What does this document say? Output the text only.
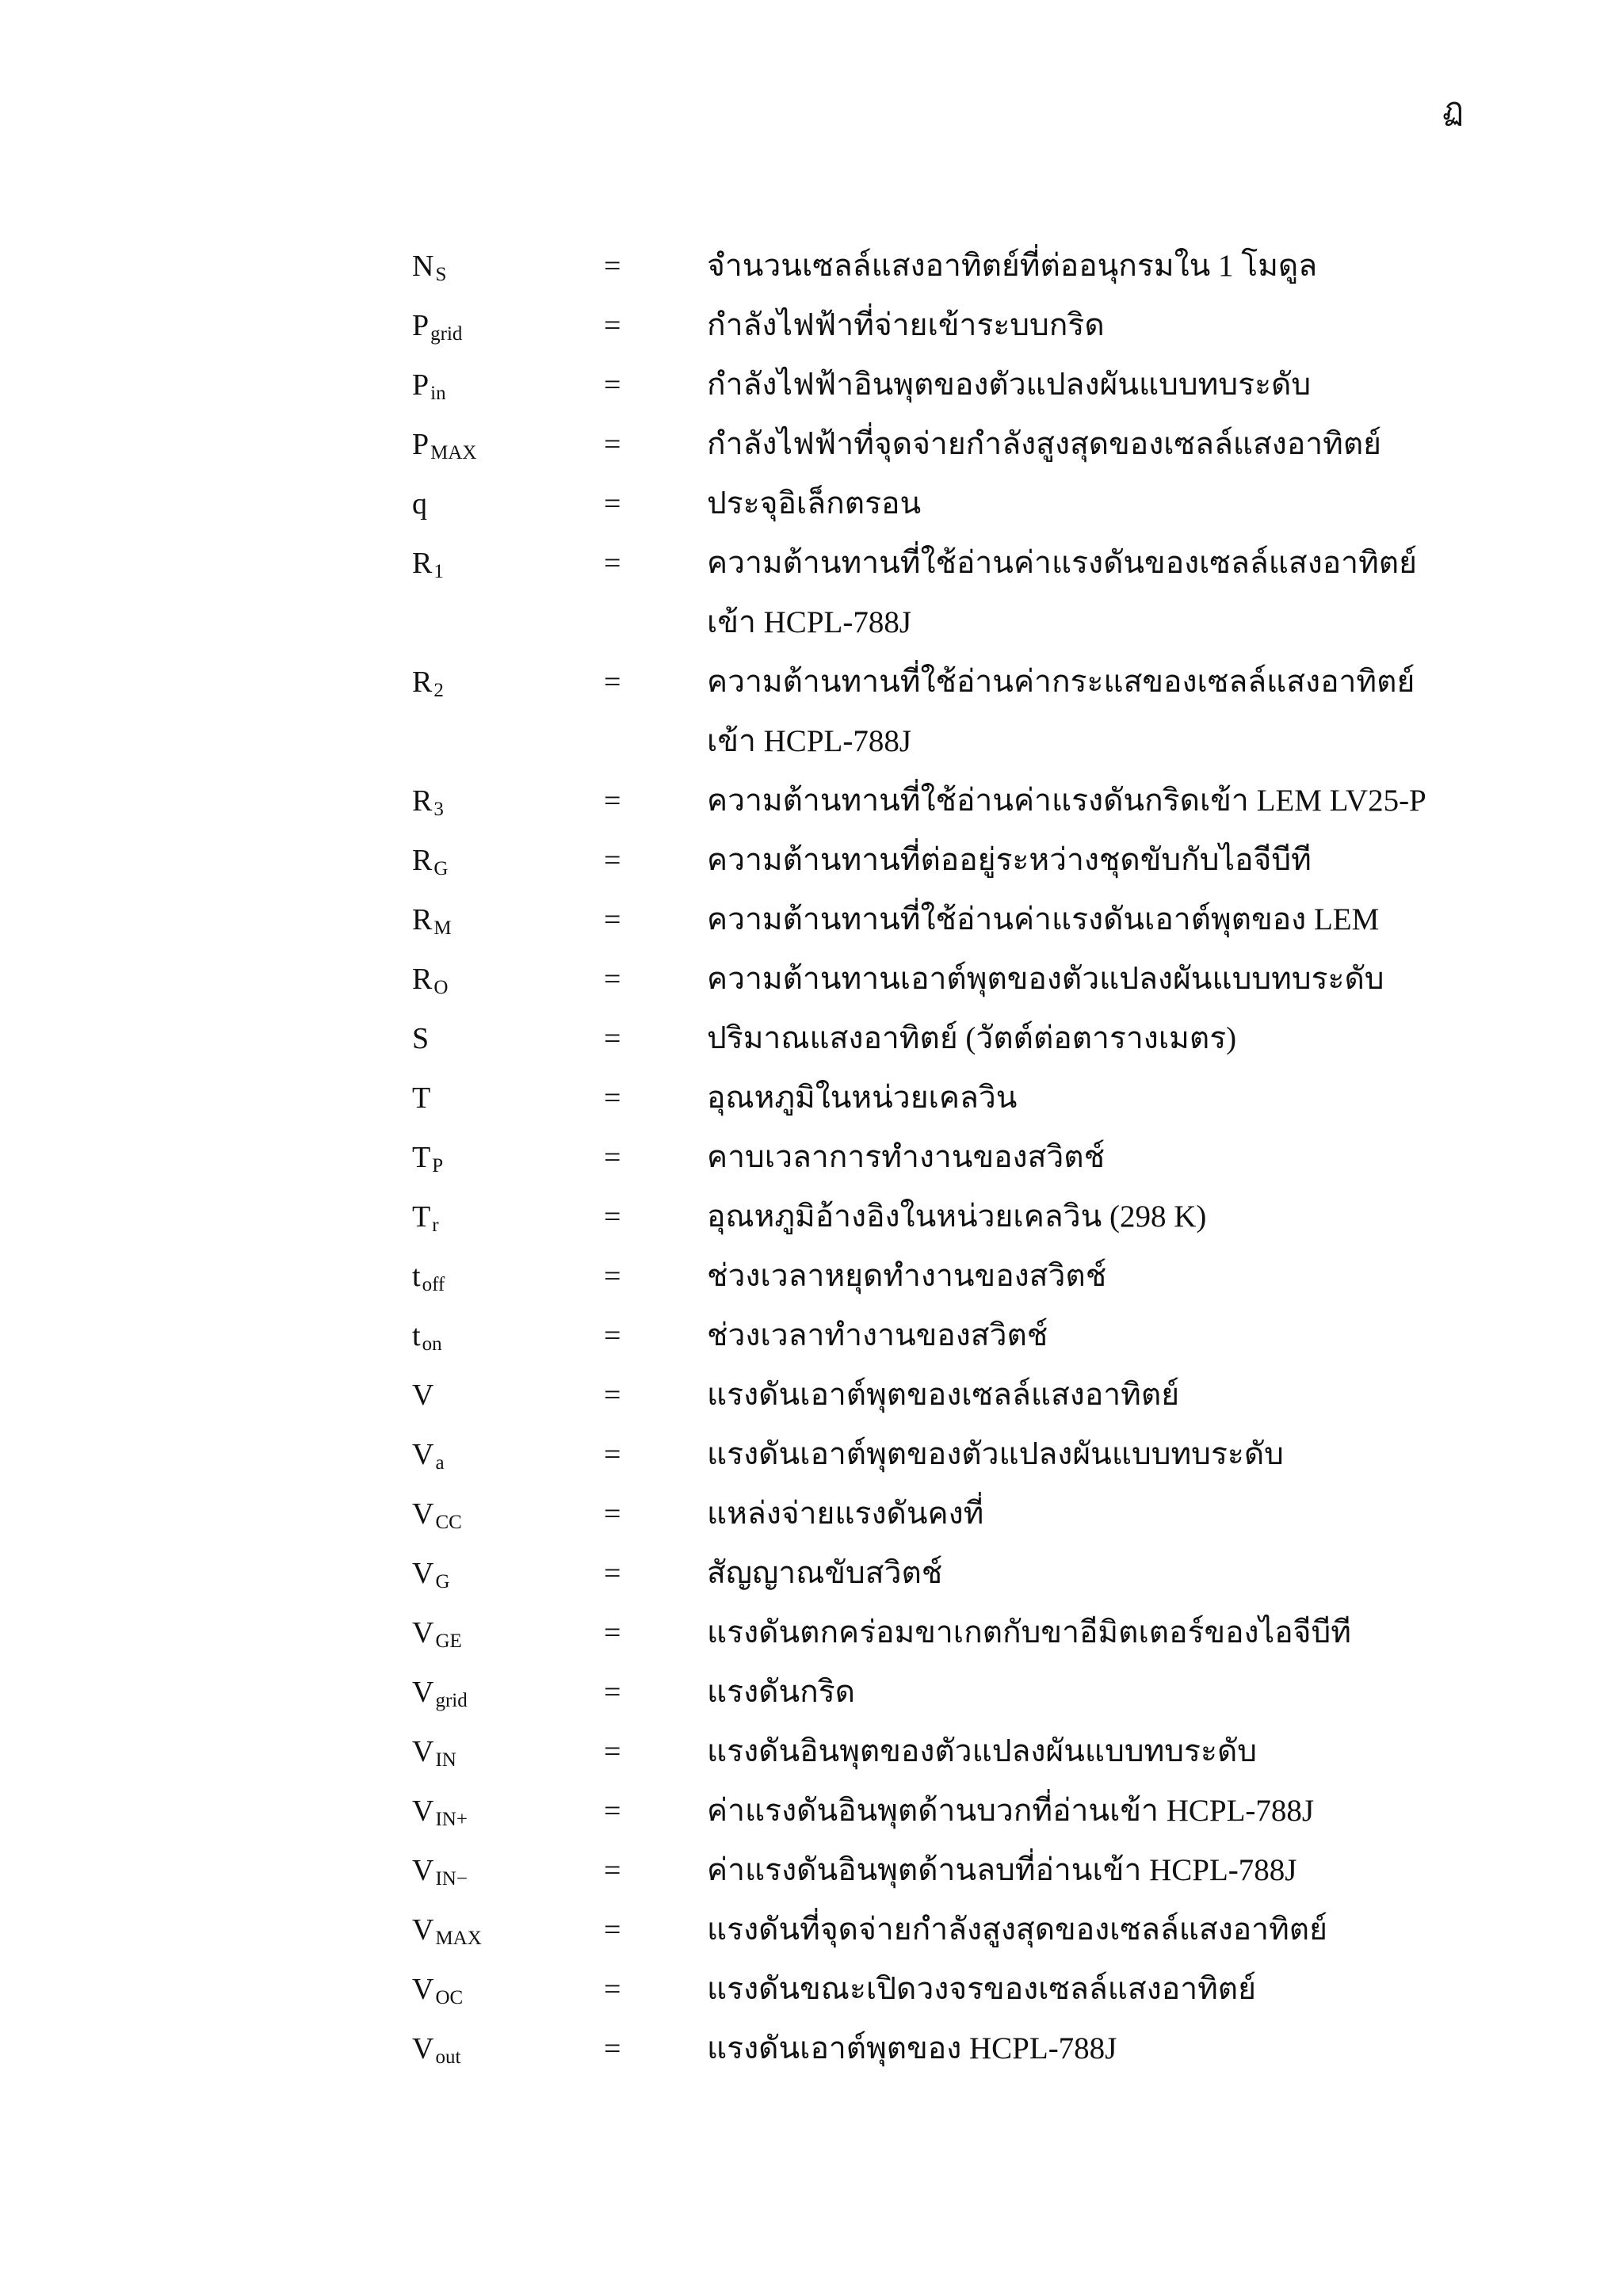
ฏ
$N_S$	=	จำนวนเซลล์แสงอาทิตย์ที่ต่ออนุกรมใน 1 โมดูล
$P_{grid}$	=	กำลังไฟฟ้าที่จ่ายเข้าระบบกริด
$P_{in}$	=	กำลังไฟฟ้าอินพุตของตัวแปลงผันแบบทบระดับ
$P_{MAX}$	=	กำลังไฟฟ้าที่จุดจ่ายกำลังสูงสุดของเซลล์แสงอาทิตย์
q	=	ประจุอิเล็กตรอน
$R_1$	=	ความต้านทานที่ใช้อ่านค่าแรงดันของเซลล์แสงอาทิตย์เข้า HCPL-788J
$R_2$	=	ความต้านทานที่ใช้อ่านค่ากระแสของเซลล์แสงอาทิตย์เข้า HCPL-788J
$R_3$	=	ความต้านทานที่ใช้อ่านค่าแรงดันกริดเข้า LEM LV25-P
$R_G$	=	ความต้านทานที่ต่ออยู่ระหว่างชุดขับกับไอจีบีที
$R_M$	=	ความต้านทานที่ใช้อ่านค่าแรงดันเอาต์พุตของ LEM
$R_O$	=	ความต้านทานเอาต์พุตของตัวแปลงผันแบบทบระดับ
S	=	ปริมาณแสงอาทิตย์ (วัตต์ต่อตารางเมตร)
T	=	อุณหภูมิในหน่วยเคลวิน
$T_P$	=	คาบเวลาการทำงานของสวิตช์
$T_r$	=	อุณหภูมิอ้างอิงในหน่วยเคลวิน (298 K)
$t_{off}$	=	ช่วงเวลาหยุดทำงานของสวิตช์
$t_{on}$	=	ช่วงเวลาทำงานของสวิตช์
V	=	แรงดันเอาต์พุตของเซลล์แสงอาทิตย์
$V_a$	=	แรงดันเอาต์พุตของตัวแปลงผันแบบทบระดับ
$V_{CC}$	=	แหล่งจ่ายแรงดันคงที่
$V_G$	=	สัญญาณขับสวิตช์
$V_{GE}$	=	แรงดันตกคร่อมขาเกตกับขาอีมิตเตอร์ของไอจีบีที
$V_{grid}$	=	แรงดันกริด
$V_{IN}$	=	แรงดันอินพุตของตัวแปลงผันแบบทบระดับ
$V_{IN+}$	=	ค่าแรงดันอินพุตด้านบวกที่อ่านเข้า HCPL-788J
$V_{IN-}$	=	ค่าแรงดันอินพุตด้านลบที่อ่านเข้า HCPL-788J
$V_{MAX}$	=	แรงดันที่จุดจ่ายกำลังสูงสุดของเซลล์แสงอาทิตย์
$V_{OC}$	=	แรงดันขณะเปิดวงจรของเซลล์แสงอาทิตย์
$V_{out}$	=	แรงดันเอาต์พุตของ HCPL-788J
